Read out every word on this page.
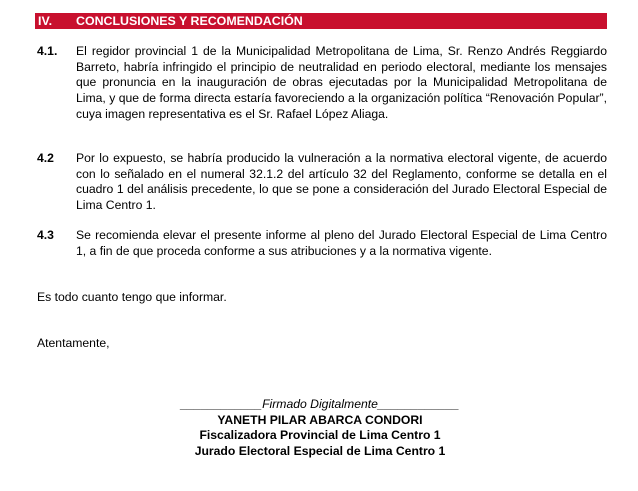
IV. CONCLUSIONES Y RECOMENDACIÓN
4.1. El regidor provincial 1 de la Municipalidad Metropolitana de Lima, Sr. Renzo Andrés Reggiardo Barreto, habría infringido el principio de neutralidad en periodo electoral, mediante los mensajes que pronuncia en la inauguración de obras ejecutadas por la Municipalidad Metropolitana de Lima, y que de forma directa estaría favoreciendo a la organización política “Renovación Popular”, cuya imagen representativa es el Sr. Rafael López Aliaga.
4.2 Por lo expuesto, se habría producido la vulneración a la normativa electoral vigente, de acuerdo con lo señalado en el numeral 32.1.2 del artículo 32 del Reglamento, conforme se detalla en el cuadro 1 del análisis precedente, lo que se pone a consideración del Jurado Electoral Especial de Lima Centro 1.
4.3 Se recomienda elevar el presente informe al pleno del Jurado Electoral Especial de Lima Centro 1, a fin de que proceda conforme a sus atribuciones y a la normativa vigente.
Es todo cuanto tengo que informar.
Atentamente,
____________Firmado Digitalmente____________
YANETH PILAR ABARCA CONDORI
Fiscalizadora Provincial de Lima Centro 1
Jurado Electoral Especial de Lima Centro 1
